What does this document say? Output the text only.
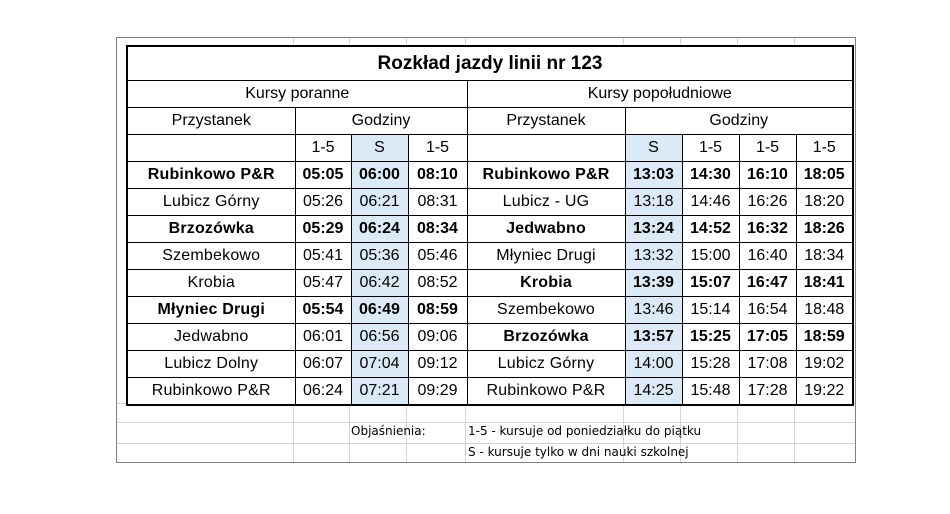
Rozkład jazdy linii nr 123								
Kursy poranne				Kursy popołudniowe				
Przystanek	Godziny			Przystanek	Godziny			
	1-5	S	1-5		S	1-5	1-5	1-5
Rubinkowo P&R	05:05	06:00	08:10	Rubinkowo P&R	13:03	14:30	16:10	18:05
Lubicz Górny	05:26	06:21	08:31	Lubicz - UG	13:18	14:46	16:26	18:20
Brzozówka	05:29	06:24	08:34	Jedwabno	13:24	14:52	16:32	18:26
Szembekowo	05:41	05:36	05:46	Młyniec Drugi	13:32	15:00	16:40	18:34
Krobia	05:47	06:42	08:52	Krobia	13:39	15:07	16:47	18:41
Młyniec Drugi	05:54	06:49	08:59	Szembekowo	13:46	15:14	16:54	18:48
Jedwabno	06:01	06:56	09:06	Brzozówka	13:57	15:25	17:05	18:59
Lubicz Dolny	06:07	07:04	09:12	Lubicz Górny	14:00	15:28	17:08	19:02
Rubinkowo P&R	06:24	07:21	09:29	Rubinkowo P&R	14:25	15:48	17:28	19:22
Objaśnienia:	1-5 - kursuje od poniedziałku do piątku
S - kursuje tylko w dni nauki szkolnej
